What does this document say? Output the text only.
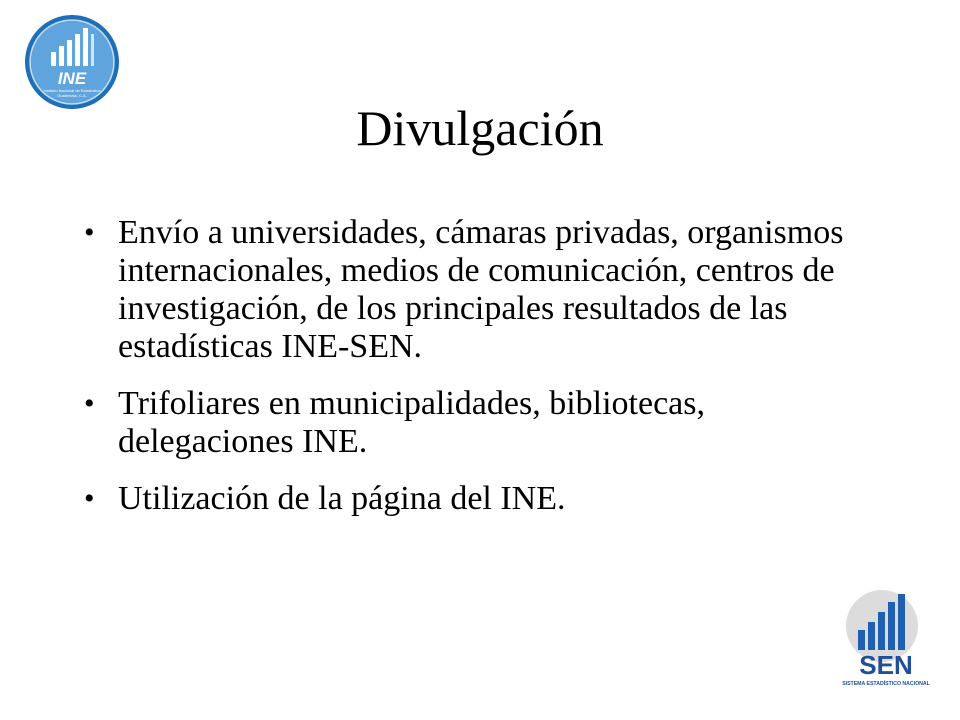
INE
Instituto Nacional de Estadística
Guatemala, C.A.
Divulgación
• Envío a universidades, cámaras privadas, organismos internacionales, medios de comunicación, centros de investigación, de los principales resultados de las estadísticas INE-SEN.
• Trifoliares en municipalidades, bibliotecas, delegaciones INE.
• Utilización de la página del INE.
SEN
SISTEMA ESTADÍSTICO NACIONAL
